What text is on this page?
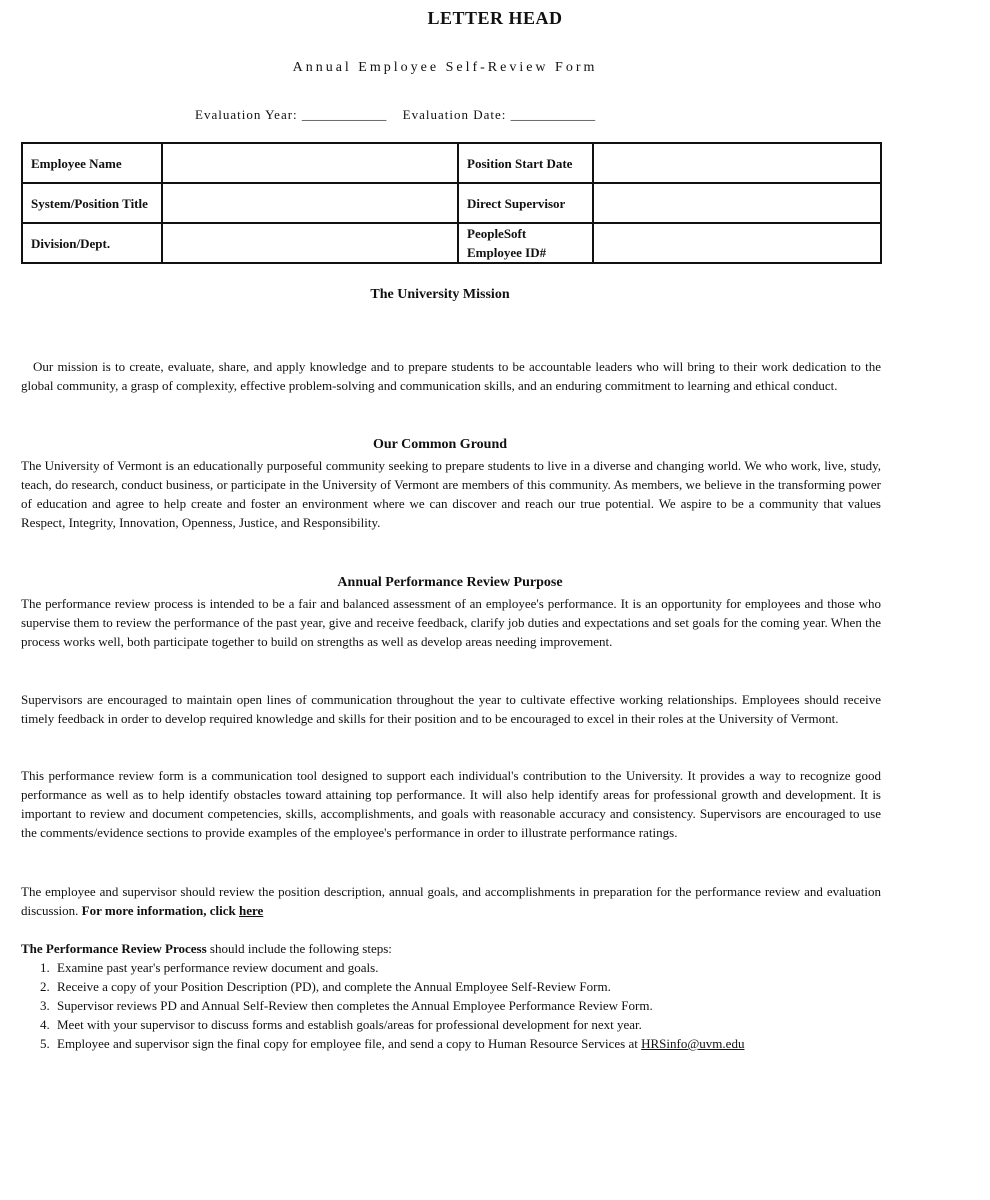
LETTER HEAD
Annual Employee Self-Review Form
Evaluation Year: _____________ Evaluation Date: _____________
Employee Name		Position Start Date	
System/Position Title		Direct Supervisor	
Division/Dept.		PeopleSoft Employee ID#	
The University Mission
Our mission is to create, evaluate, share, and apply knowledge and to prepare students to be accountable leaders who will bring to their work dedication to the global community, a grasp of complexity, effective problem-solving and communication skills, and an enduring commitment to learning and ethical conduct.
Our Common Ground
The University of Vermont is an educationally purposeful community seeking to prepare students to live in a diverse and changing world. We who work, live, study, teach, do research, conduct business, or participate in the University of Vermont are members of this community. As members, we believe in the transforming power of education and agree to help create and foster an environment where we can discover and reach our true potential. We aspire to be a community that values Respect, Integrity, Innovation, Openness, Justice, and Responsibility.
Annual Performance Review Purpose
The performance review process is intended to be a fair and balanced assessment of an employee's performance. It is an opportunity for employees and those who supervise them to review the performance of the past year, give and receive feedback, clarify job duties and expectations and set goals for the coming year. When the process works well, both participate together to build on strengths as well as develop areas needing improvement.
Supervisors are encouraged to maintain open lines of communication throughout the year to cultivate effective working relationships. Employees should receive timely feedback in order to develop required knowledge and skills for their position and to be encouraged to excel in their roles at the University of Vermont.
This performance review form is a communication tool designed to support each individual's contribution to the University. It provides a way to recognize good performance as well as to help identify obstacles toward attaining top performance. It will also help identify areas for professional growth and development. It is important to review and document competencies, skills, accomplishments, and goals with reasonable accuracy and consistency. Supervisors are encouraged to use the comments/evidence sections to provide examples of the employee's performance in order to illustrate performance ratings.
The employee and supervisor should review the position description, annual goals, and accomplishments in preparation for the performance review and evaluation discussion. For more information, click here
The Performance Review Process should include the following steps:
1. Examine past year's performance review document and goals.
2. Receive a copy of your Position Description (PD), and complete the Annual Employee Self-Review Form.
3. Supervisor reviews PD and Annual Self-Review then completes the Annual Employee Performance Review Form.
4. Meet with your supervisor to discuss forms and establish goals/areas for professional development for next year.
5. Employee and supervisor sign the final copy for employee file, and send a copy to Human Resource Services at HRSinfo@uvm.edu
